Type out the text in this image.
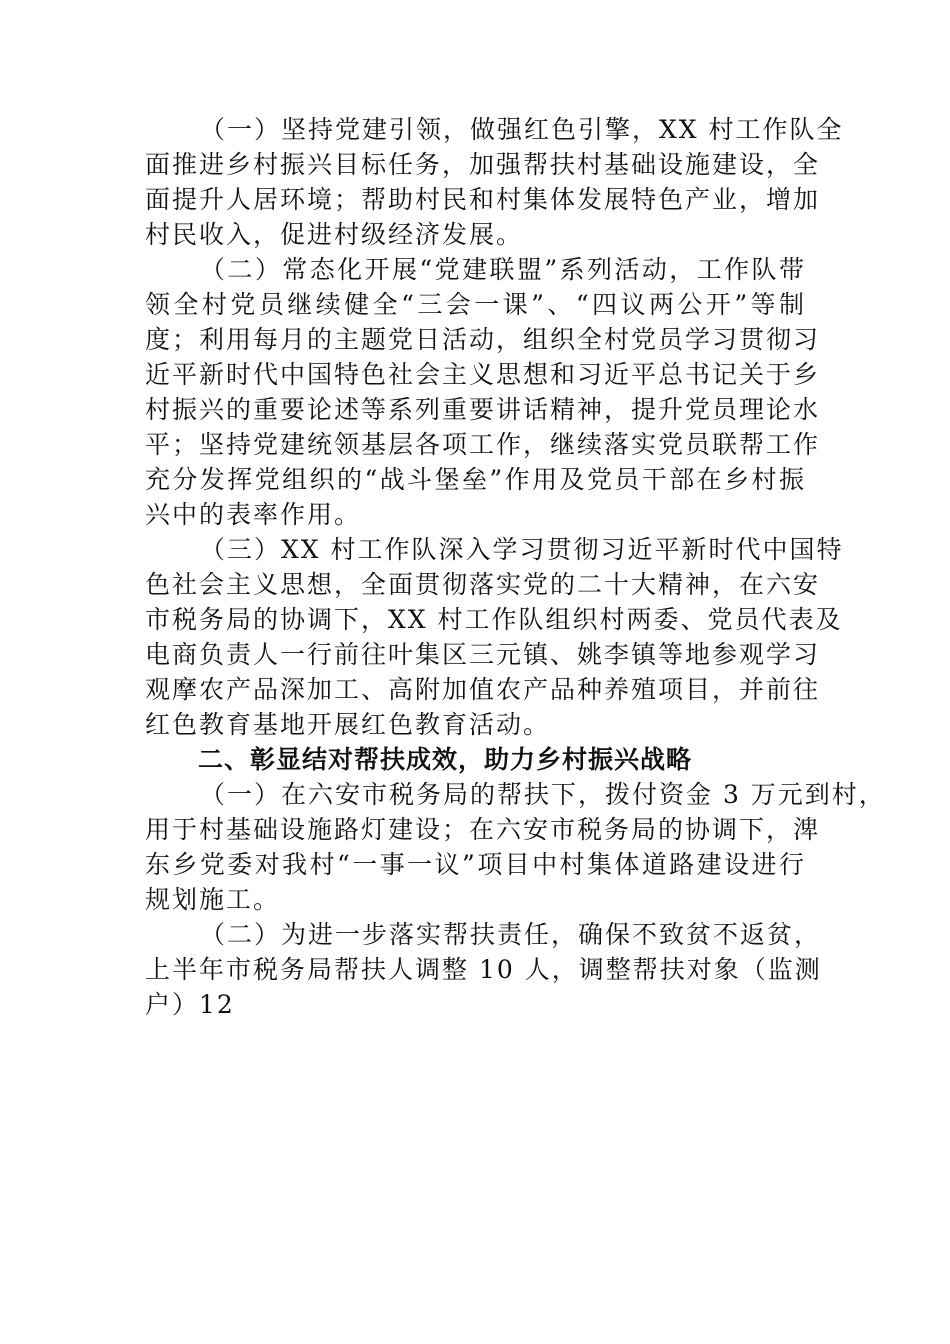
（一）坚持党建引领，做强红色引擎，XX 村工作队全
面推进乡村振兴目标任务，加强帮扶村基础设施建设，全
面提升人居环境；帮助村民和村集体发展特色产业，增加
村民收入，促进村级经济发展。
（二）常态化开展“党建联盟”系列活动，工作队带
领全村党员继续健全“三会一课”、“四议两公开”等制
度；利用每月的主题党日活动，组织全村党员学习贯彻习
近平新时代中国特色社会主义思想和习近平总书记关于乡
村振兴的重要论述等系列重要讲话精神，提升党员理论水
平；坚持党建统领基层各项工作，继续落实党员联帮工作
充分发挥党组织的“战斗堡垒”作用及党员干部在乡村振
兴中的表率作用。
（三）XX 村工作队深入学习贯彻习近平新时代中国特
色社会主义思想，全面贯彻落实党的二十大精神，在六安
市税务局的协调下，XX 村工作队组织村两委、党员代表及
电商负责人一行前往叶集区三元镇、姚李镇等地参观学习
观摩农产品深加工、高附加值农产品种养殖项目，并前往
红色教育基地开展红色教育活动。
二、彰显结对帮扶成效，助力乡村振兴战略
（一）在六安市税务局的帮扶下，拨付资金 3 万元到村，
用于村基础设施路灯建设；在六安市税务局的协调下，渒
东乡党委对我村“一事一议”项目中村集体道路建设进行
规划施工。
（二）为进一步落实帮扶责任，确保不致贫不返贫，
上半年市税务局帮扶人调整 10 人，调整帮扶对象（监测
户）12
